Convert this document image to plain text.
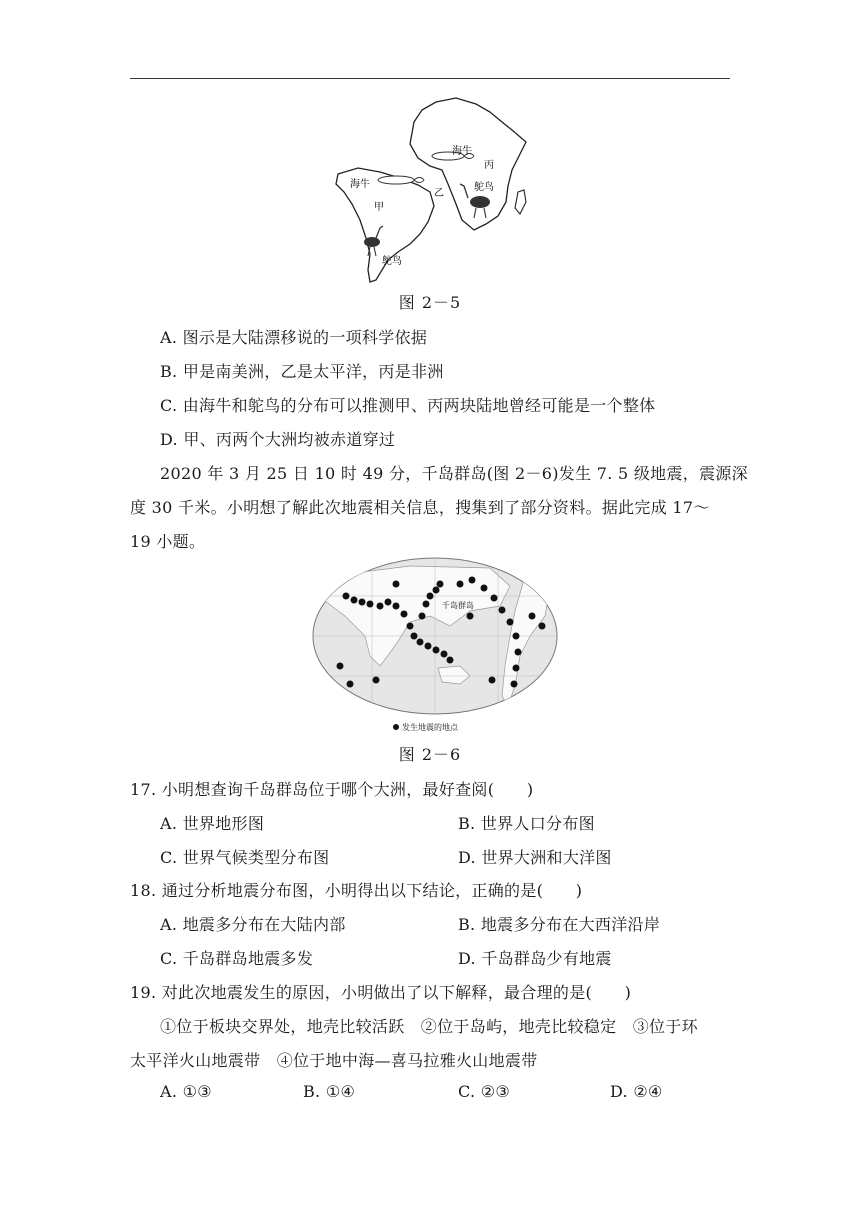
海牛
丙
鸵鸟
乙
海牛
甲
鸵鸟
图 2－5
A. 图示是大陆漂移说的一项科学依据
B. 甲是南美洲，乙是太平洋，丙是非洲
C. 由海牛和鸵鸟的分布可以推测甲、丙两块陆地曾经可能是一个整体
D. 甲、丙两个大洲均被赤道穿过
2020 年 3 月 25 日 10 时 49 分，千岛群岛(图 2－6)发生 7. 5 级地震，震源深
度 30 千米。小明想了解此次地震相关信息，搜集到了部分资料。据此完成 17～
19 小题。
千岛群岛
发生地震的地点
图 2－6
17. 小明想查询千岛群岛位于哪个大洲，最好查阅(　　)
A. 世界地形图	B. 世界人口分布图
C. 世界气候类型分布图	D. 世界大洲和大洋图
18. 通过分析地震分布图，小明得出以下结论，正确的是(　　)
A. 地震多分布在大陆内部	B. 地震多分布在大西洋沿岸
C. 千岛群岛地震多发	D. 千岛群岛少有地震
19. 对此次地震发生的原因，小明做出了以下解释，最合理的是(　　)
①位于板块交界处，地壳比较活跃　②位于岛屿，地壳比较稳定　③位于环
太平洋火山地震带　④位于地中海—喜马拉雅火山地震带
A. ①③	B. ①④	C. ②③	D. ②④
